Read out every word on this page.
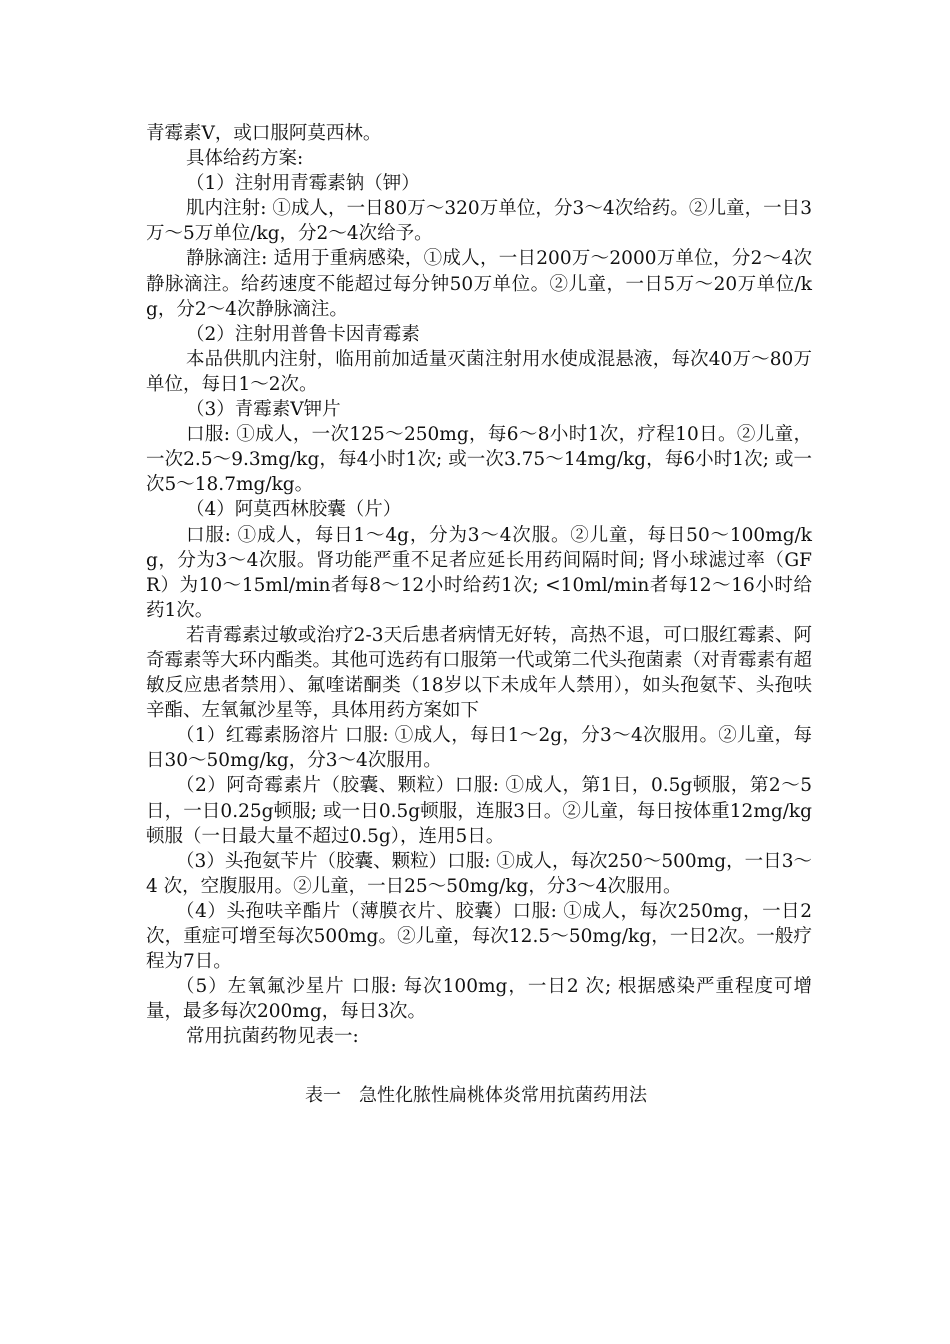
青霉素V，或口服阿莫西林。

具体给药方案:

（1）注射用青霉素钠（钾）

肌内注射: ①成人，一日80万～320万单位，分3～4次给药。②儿童，一日3万～5万单位/kg，分2～4次给予。

静脉滴注: 适用于重病感染，①成人，一日200万～2000万单位，分2～4次静脉滴注。给药速度不能超过每分钟50万单位。②儿童，一日5万～20万单位/kg，分2～4次静脉滴注。

（2）注射用普鲁卡因青霉素

本品供肌内注射，临用前加适量灭菌注射用水使成混悬液，每次40万～80万单位，每日1～2次。

（3）青霉素V钾片

口服: ①成人，一次125～250mg，每6～8小时1次，疗程10日。②儿童，一次2.5～9.3mg/kg，每4小时1次; 或一次3.75～14mg/kg，每6小时1次; 或一次5～18.7mg/kg。

（4）阿莫西林胶囊（片）

口服: ①成人，每日1～4g，分为3～4次服。②儿童，每日50～100mg/kg，分为3～4次服。肾功能严重不足者应延长用药间隔时间; 肾小球滤过率（GFR）为10～15ml/min者每8～12小时给药1次; <10ml/min者每12～16小时给药1次。

若青霉素过敏或治疗2-3天后患者病情无好转，高热不退，可口服红霉素、阿奇霉素等大环内酯类。其他可选药有口服第一代或第二代头孢菌素（对青霉素有超敏反应患者禁用）、氟喹诺酮类（18岁以下未成年人禁用），如头孢氨苄、头孢呋辛酯、左氧氟沙星等，具体用药方案如下

（1）红霉素肠溶片 口服: ①成人，每日1～2g，分3～4次服用。②儿童，每日30～50mg/kg，分3～4次服用。

（2）阿奇霉素片（胶囊、颗粒）口服: ①成人，第1日，0.5g顿服，第2～5日，一日0.25g顿服; 或一日0.5g顿服，连服3日。②儿童，每日按体重12mg/kg顿服（一日最大量不超过0.5g），连用5日。

（3）头孢氨苄片（胶囊、颗粒）口服: ①成人，每次250～500mg，一日3～4 次，空腹服用。②儿童，一日25～50mg/kg，分3～4次服用。

（4）头孢呋辛酯片（薄膜衣片、胶囊）口服: ①成人，每次250mg，一日2 次，重症可增至每次500mg。②儿童，每次12.5～50mg/kg，一日2次。一般疗程为7日。

（5）左氧氟沙星片 口服: 每次100mg，一日2 次; 根据感染严重程度可增量，最多每次200mg，每日3次。

常用抗菌药物见表一:

表一　急性化脓性扁桃体炎常用抗菌药用法
